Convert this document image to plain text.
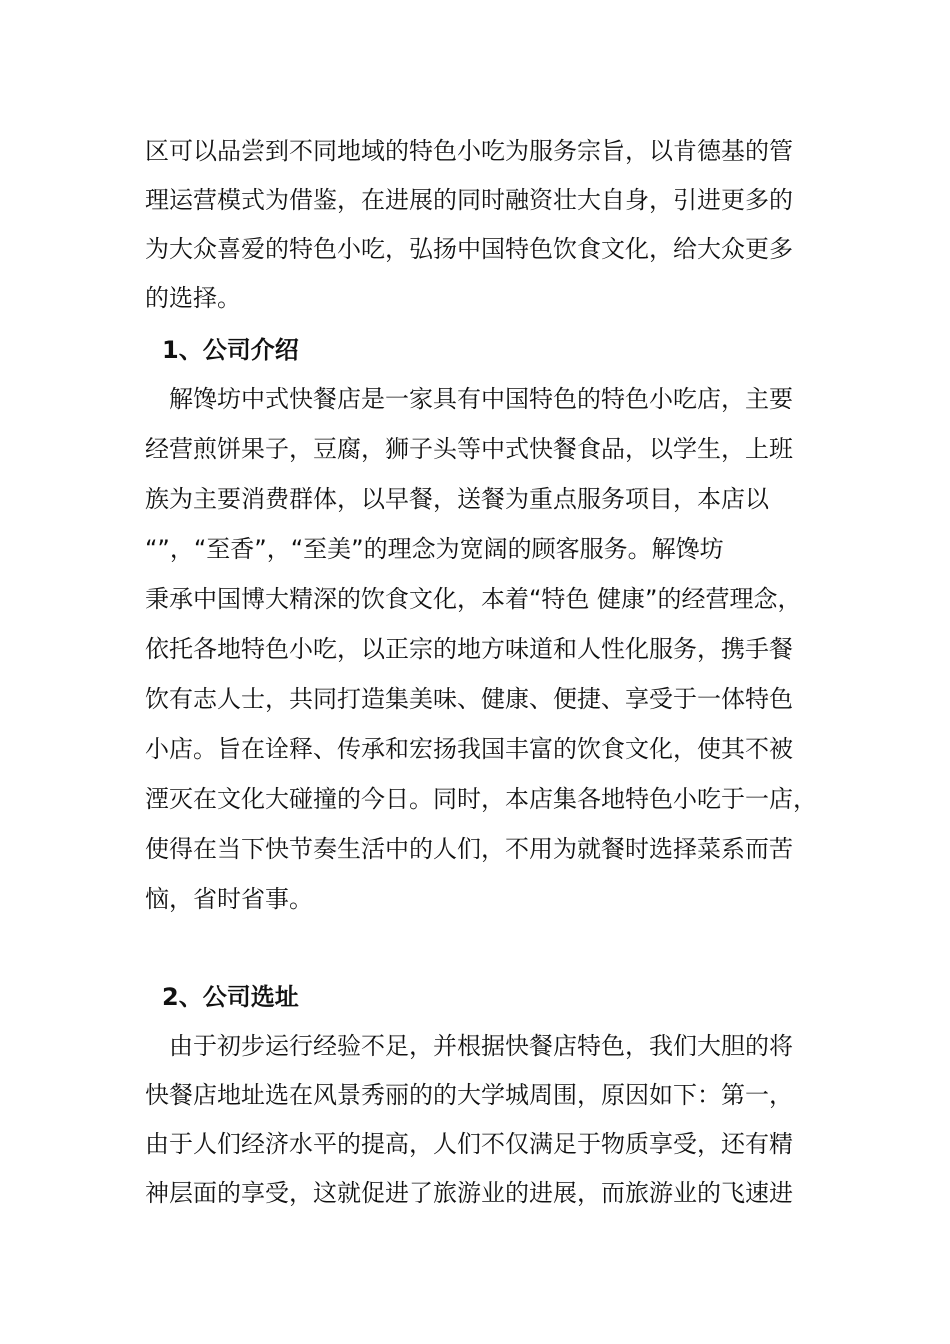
区可以品尝到不同地域的特色小吃为服务宗旨，以肯德基的管
理运营模式为借鉴，在进展的同时融资壮大自身，引进更多的
为大众喜爱的特色小吃，弘扬中国特色饮食文化，给大众更多
的选择。
1、公司介绍
　解馋坊中式快餐店是一家具有中国特色的特色小吃店，主要
经营煎饼果子，豆腐，狮子头等中式快餐食品，以学生，上班
族为主要消费群体，以早餐，送餐为重点服务项目，本店以
“”，“至香”，“至美”的理念为宽阔的顾客服务。解馋坊
秉承中国博大精深的饮食文化，本着“特色 健康”的经营理念，
依托各地特色小吃，以正宗的地方味道和人性化服务，携手餐
饮有志人士，共同打造集美味、健康、便捷、享受于一体特色
小店。旨在诠释、传承和宏扬我国丰富的饮食文化，使其不被
湮灭在文化大碰撞的今日。同时，本店集各地特色小吃于一店，
使得在当下快节奏生活中的人们，不用为就餐时选择菜系而苦
恼，省时省事。
2、公司选址
　由于初步运行经验不足，并根据快餐店特色，我们大胆的将
快餐店地址选在风景秀丽的的大学城周围，原因如下：第一，
由于人们经济水平的提高，人们不仅满足于物质享受，还有精
神层面的享受，这就促进了旅游业的进展，而旅游业的飞速进
